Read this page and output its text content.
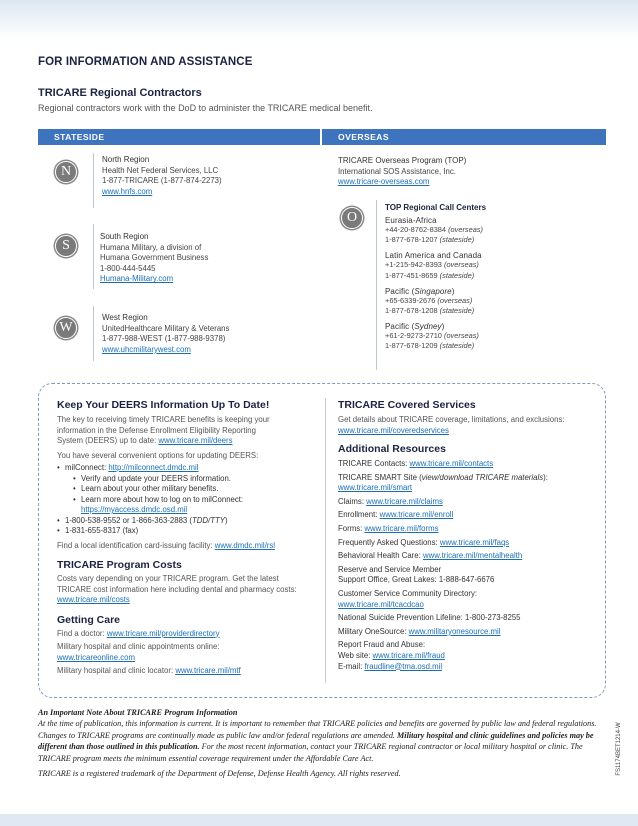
FOR INFORMATION AND ASSISTANCE
TRICARE Regional Contractors
Regional contractors work with the DoD to administer the TRICARE medical benefit.
STATESIDE	OVERSEAS
N
North Region
Health Net Federal Services, LLC
1-877-TRICARE (1-877-874-2273)
www.hnfs.com
S
South Region
Humana Military, a division of
Humana Government Business
1-800-444-5445
Humana-Military.com
W
West Region
UnitedHealthcare Military & Veterans
1-877-988-WEST (1-877-988-9378)
www.uhcmilitarywest.com
TRICARE Overseas Program (TOP)
International SOS Assistance, Inc.
www.tricare-overseas.com
O
TOP Regional Call Centers
Eurasia-Africa
+44-20-8762-8384 (overseas)
1-877-678-1207 (stateside)
Latin America and Canada
+1-215-942-8393 (overseas)
1-877-451-8659 (stateside)
Pacific (Singapore)
+65-6339-2676 (overseas)
1-877-678-1208 (stateside)
Pacific (Sydney)
+61-2-9273-2710 (overseas)
1-877-678-1209 (stateside)
Keep Your DEERS Information Up To Date!
The key to receiving timely TRICARE benefits is keeping your
information in the Defense Enrollment Eligibility Reporting
System (DEERS) up to date: www.tricare.mil/deers
You have several convenient options for updating DEERS:
• milConnect: http://milconnect.dmdc.mil
• Verify and update your DEERS information.
• Learn about your other military benefits.
• Learn more about how to log on to milConnect:
https://myaccess.dmdc.osd.mil
• 1-800-538-9552 or 1-866-363-2883 (TDD/TTY)
• 1-831-655-8317 (fax)
Find a local identification card-issuing facility: www.dmdc.mil/rsl
TRICARE Program Costs
Costs vary depending on your TRICARE program. Get the latest
TRICARE cost information here including dental and pharmacy costs:
www.tricare.mil/costs
Getting Care
Find a doctor: www.tricare.mil/providerdirectory
Military hospital and clinic appointments online:
www.tricareonline.com
Military hospital and clinic locator: www.tricare.mil/mtf
TRICARE Covered Services
Get details about TRICARE coverage, limitations, and exclusions:
www.tricare.mil/coveredservices
Additional Resources
TRICARE Contacts: www.tricare.mil/contacts
TRICARE SMART Site (view/download TRICARE materials):
www.tricare.mil/smart
Claims: www.tricare.mil/claims
Enrollment: www.tricare.mil/enroll
Forms: www.tricare.mil/forms
Frequently Asked Questions: www.tricare.mil/faqs
Behavioral Health Care: www.tricare.mil/mentalhealth
Reserve and Service Member
Support Office, Great Lakes: 1-888-647-6676
Customer Service Community Directory:
www.tricare.mil/tcacdcao
National Suicide Prevention Lifeline: 1-800-273-8255
Military OneSource: www.militaryonesource.mil
Report Fraud and Abuse:
Web site: www.tricare.mil/fraud
E-mail: fraudline@tma.osd.mil
An Important Note About TRICARE Program Information
At the time of publication, this information is current. It is important to remember that TRICARE policies and benefits are governed by public law and federal regulations. Changes to TRICARE programs are continually made as public law and/or federal regulations are amended. Military hospital and clinic guidelines and policies may be different than those outlined in this publication. For the most recent information, contact your TRICARE regional contractor or local military hospital or clinic. The TRICARE program meets the minimum essential coverage requirement under the Affordable Care Act.
TRICARE is a registered trademark of the Department of Defense, Defense Health Agency. All rights reserved.	FS1174BET1214-W
